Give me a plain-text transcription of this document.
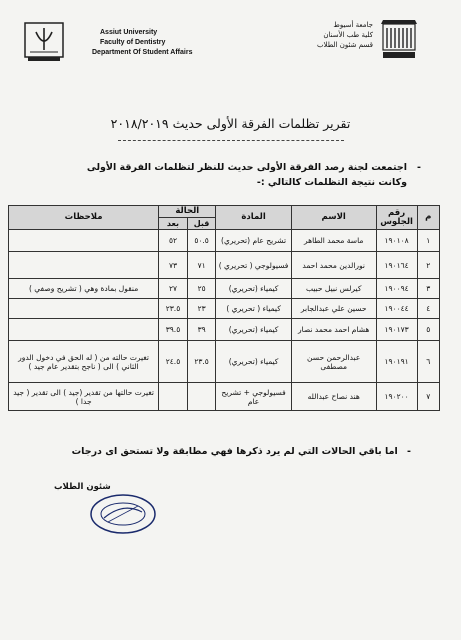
Assiut University
Faculty of Dentistry
Department Of Student Affairs
جامعة أسيوط
كلية طب الأسنان
قسم شئون الطلاب
تقرير تظلمات الفرقة الأولى حديث ٢٠١٨/٢٠١٩
-
اجتمعت لجنة رصد الفرقة الأولى حديث للنظر لتظلمات الفرقة الأولى وكانت نتيجة التظلمات كالتالي :-
م	رقم الجلوس	الاسم	المادة	الحالة		ملاحظات
				قبل	بعد	
١	١٩٠١٠٨	ماسة محمد الطاهر	تشريح عام (تحريري)	٥٠.٥	٥٢	
٢	١٩٠١٦٤	نورالدين محمد احمد	فسيولوجي ( تحريري )	٧١	٧٣	
٣	١٩٠٠٩٤	كيرلس نبيل حبيب	كيمياء (تحريري)	٢٥	٢٧	منقول بمادة وهي ( تشريح وصفي )
٤	١٩٠٠٤٤	حسين علي عبدالجابر	كيمياء ( تحريري )	٢٣	٢٣.٥	
٥	١٩٠١٧٣	هشام احمد محمد نصار	كيمياء (تحريري)	٣٩	٣٩.٥	
٦	١٩٠١٩١	عبدالرحمن حسن مصطفى	كيمياء (تحريري)	٢٣.٥	٢٤.٥	تغيرت حالته من ( له الحق في دخول الدور الثاني ) الى ( ناجح بتقدير عام جيد )
٧	١٩٠٢٠٠	هند نصاح عبدالله	فسيولوجي + تشريح عام			تغيرت حالتها من تقدير (جيد ) الى تقدير ( جيد جدا )
- اما باقي الحالات التي لم يرد ذكرها فهي مطابقة ولا تستحق اى درجات
شئون الطلاب
